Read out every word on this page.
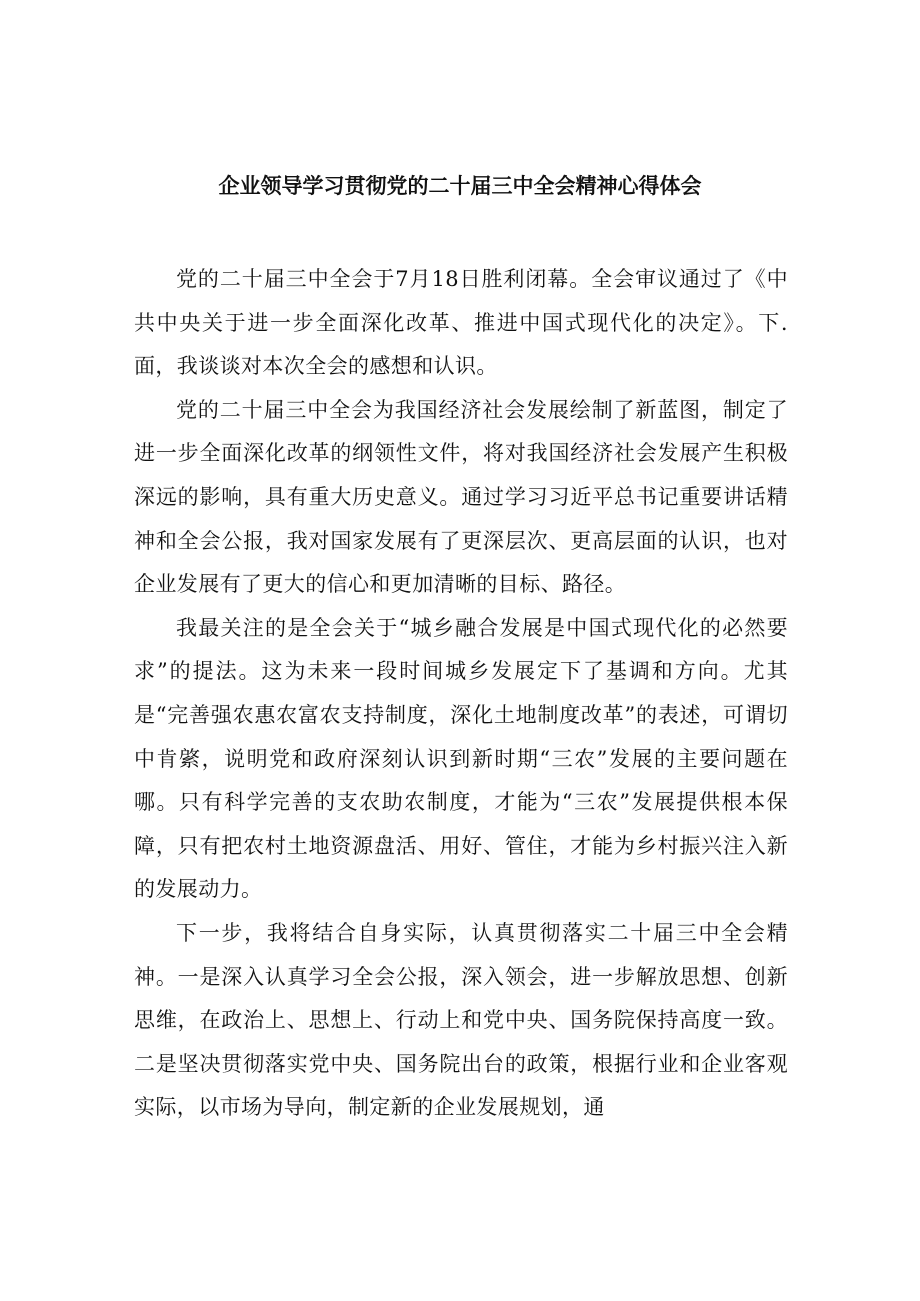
企业领导学习贯彻党的二十届三中全会精神心得体会

党的二十届三中全会于7月18日胜利闭幕。全会审议通过了《中共中央关于进一步全面深化改革、推进中国式现代化的决定》。下.面，我谈谈对本次全会的感想和认识。

党的二十届三中全会为我国经济社会发展绘制了新蓝图，制定了进一步全面深化改革的纲领性文件，将对我国经济社会发展产生积极深远的影响，具有重大历史意义。通过学习习近平总书记重要讲话精神和全会公报，我对国家发展有了更深层次、更高层面的认识，也对企业发展有了更大的信心和更加清晰的目标、路径。

我最关注的是全会关于“城乡融合发展是中国式现代化的必然要求”的提法。这为未来一段时间城乡发展定下了基调和方向。尤其是“完善强农惠农富农支持制度，深化土地制度改革”的表述，可谓切中肯綮，说明党和政府深刻认识到新时期“三农”发展的主要问题在哪。只有科学完善的支农助农制度，才能为“三农”发展提供根本保障，只有把农村土地资源盘活、用好、管住，才能为乡村振兴注入新的发展动力。

下一步，我将结合自身实际，认真贯彻落实二十届三中全会精神。一是深入认真学习全会公报，深入领会，进一步解放思想、创新思维，在政治上、思想上、行动上和党中央、国务院保持高度一致。二是坚决贯彻落实党中央、国务院出台的政策，根据行业和企业客观实际，以市场为导向，制定新的企业发展规划，通
